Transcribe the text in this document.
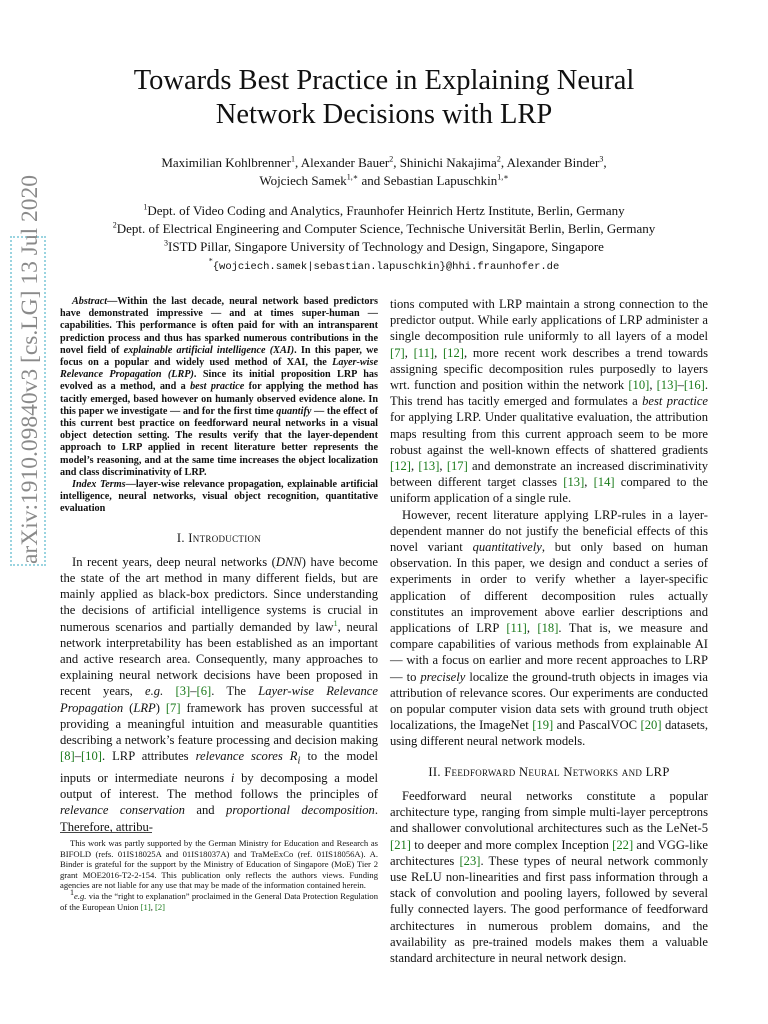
arXiv:1910.09840v3 [cs.LG] 13 Jul 2020
Towards Best Practice in Explaining Neural
Network Decisions with LRP
Maximilian Kohlbrenner$^1$, Alexander Bauer$^2$, Shinichi Nakajima$^2$, Alexander Binder$^3$,
Wojciech Samek$^{1,∗}$ and Sebastian Lapuschkin$^{1,∗}$
$^1$Dept. of Video Coding and Analytics, Fraunhofer Heinrich Hertz Institute, Berlin, Germany
$^2$Dept. of Electrical Engineering and Computer Science, Technische Universität Berlin, Berlin, Germany
$^3$ISTD Pillar, Singapore University of Technology and Design, Singapore, Singapore
*{wojciech.samek|sebastian.lapuschkin}@hhi.fraunhofer.de

Abstract—Within the last decade, neural network based predictors have demonstrated impressive — and at times super-human — capabilities. This performance is often paid for with an intransparent prediction process and thus has sparked numerous contributions in the novel field of explainable artificial intelligence (XAI). In this paper, we focus on a popular and widely used method of XAI, the Layer-wise Relevance Propagation (LRP). Since its initial proposition LRP has evolved as a method, and a best practice for applying the method has tacitly emerged, based however on humanly observed evidence alone. In this paper we investigate — and for the first time quantify — the effect of this current best practice on feedforward neural networks in a visual object detection setting. The results verify that the layer-dependent approach to LRP applied in recent literature better represents the model’s reasoning, and at the same time increases the object localization and class discriminativity of LRP.

Index Terms—layer-wise relevance propagation, explainable artificial intelligence, neural networks, visual object recognition, quantitative evaluation

I. Introduction

In recent years, deep neural networks (DNN) have become the state of the art method in many different fields, but are mainly applied as black-box predictors. Since understanding the decisions of artificial intelligence systems is crucial in numerous scenarios and partially demanded by law$^1$, neural network interpretability has been established as an important and active research area. Consequently, many approaches to explaining neural network decisions have been proposed in recent years, e.g. [3]–[6]. The Layer-wise Relevance Propagation (LRP) [7] framework has proven successful at providing a meaningful intuition and measurable quantities describing a network’s feature processing and decision making [8]–[10]. LRP attributes relevance scores $R_i$ to the model inputs or intermediate neurons i by decomposing a model output of interest. The method follows the principles of relevance conservation and proportional decomposition. Therefore, attribu-

This work was partly supported by the German Ministry for Education and Research as BIFOLD (refs. 01IS18025A and 01IS18037A) and TraMeExCo (ref. 01IS18056A). A. Binder is grateful for the support by the Ministry of Education of Singapore (MoE) Tier 2 grant MOE2016-T2-2-154. This publication only reflects the authors views. Funding agencies are not liable for any use that may be made of the information contained herein.

$^1$e.g. via the “right to explanation” proclaimed in the General Data Protection Regulation of the European Union [1], [2]

tions computed with LRP maintain a strong connection to the predictor output. While early applications of LRP administer a single decomposition rule uniformly to all layers of a model [7], [11], [12], more recent work describes a trend towards assigning specific decomposition rules purposedly to layers wrt. function and position within the network [10], [13]–[16]. This trend has tacitly emerged and formulates a best practice for applying LRP. Under qualitative evaluation, the attribution maps resulting from this current approach seem to be more robust against the well-known effects of shattered gradients [12], [13], [17] and demonstrate an increased discriminativity between different target classes [13], [14] compared to the uniform application of a single rule.

However, recent literature applying LRP-rules in a layer-dependent manner do not justify the beneficial effects of this novel variant quantitatively, but only based on human observation. In this paper, we design and conduct a series of experiments in order to verify whether a layer-specific application of different decomposition rules actually constitutes an improvement above earlier descriptions and applications of LRP [11], [18]. That is, we measure and compare capabilities of various methods from explainable AI — with a focus on earlier and more recent approaches to LRP — to precisely localize the ground-truth objects in images via attribution of relevance scores. Our experiments are conducted on popular computer vision data sets with ground truth object localizations, the ImageNet [19] and PascalVOC [20] datasets, using different neural network models.

II. Feedforward Neural Networks and LRP

Feedforward neural networks constitute a popular architecture type, ranging from simple multi-layer perceptrons and shallower convolutional architectures such as the LeNet-5 [21] to deeper and more complex Inception [22] and VGG-like architectures [23]. These types of neural network commonly use ReLU non-linearities and first pass information through a stack of convolution and pooling layers, followed by several fully connected layers. The good performance of feedforward architectures in numerous problem domains, and the availability as pre-trained models makes them a valuable standard architecture in neural network design.
